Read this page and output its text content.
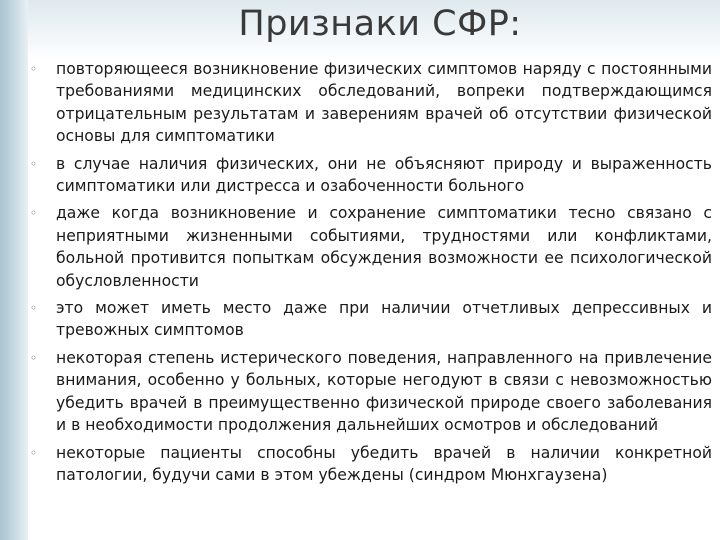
Признаки СФР:
◦	повторяющееся возникновение физических симптомов наряду с постоянными требованиями медицинских обследований, вопреки подтверждающимся отрицательным результатам и заверениям врачей об отсутствии физической основы для симптоматики
◦	в случае наличия физических, они не объясняют природу и выраженность симптоматики или дистресса и озабоченности больного
◦	даже когда возникновение и сохранение симптоматики тесно связано с неприятными жизненными событиями, трудностями или конфликтами, больной противится попыткам обсуждения возможности ее психологической обусловленности
◦	это может иметь место даже при наличии отчетливых депрессивных и тревожных симптомов
◦	некоторая степень истерического поведения, направленного на привлечение внимания, особенно у больных, которые негодуют в связи с невозможностью убедить врачей в преимущественно физической природе своего заболевания и в необходимости продолжения дальнейших осмотров и обследований
◦	некоторые пациенты способны убедить врачей в наличии конкретной патологии, будучи сами в этом убеждены (синдром Мюнхгаузена)
